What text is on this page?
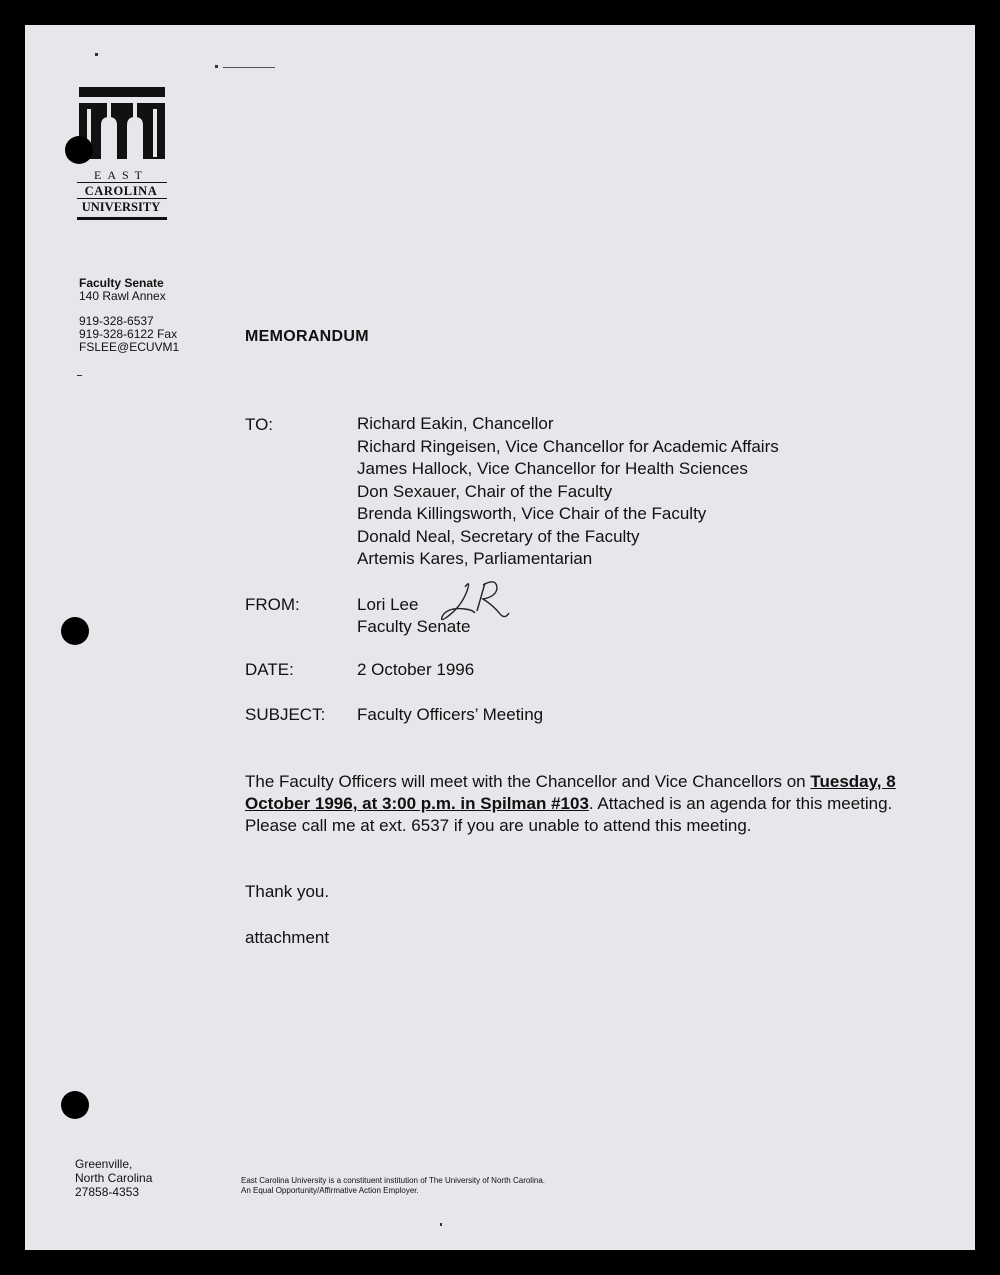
EAST
CAROLINA
UNIVERSITY
Faculty Senate
140 Rawl Annex
919-328-6537
919-328-6122 Fax
FSLEE@ECUVM1
MEMORANDUM
TO:	Richard Eakin, Chancellor
Richard Ringeisen, Vice Chancellor for Academic Affairs
James Hallock, Vice Chancellor for Health Sciences
Don Sexauer, Chair of the Faculty
Brenda Killingsworth, Vice Chair of the Faculty
Donald Neal, Secretary of the Faculty
Artemis Kares, Parliamentarian
FROM:	Lori Lee
Faculty Senate
DATE:	2 October 1996
SUBJECT: Faculty Officers’ Meeting
The Faculty Officers will meet with the Chancellor and Vice Chancellors on Tuesday, 8 October 1996, at 3:00 p.m. in Spilman #103. Attached is an agenda for this meeting. Please call me at ext. 6537 if you are unable to attend this meeting.
Thank you.
attachment
Greenville,
North Carolina
27858-4353
East Carolina University is a constituent institution of The University of North Carolina.
An Equal Opportunity/Affirmative Action Employer.
